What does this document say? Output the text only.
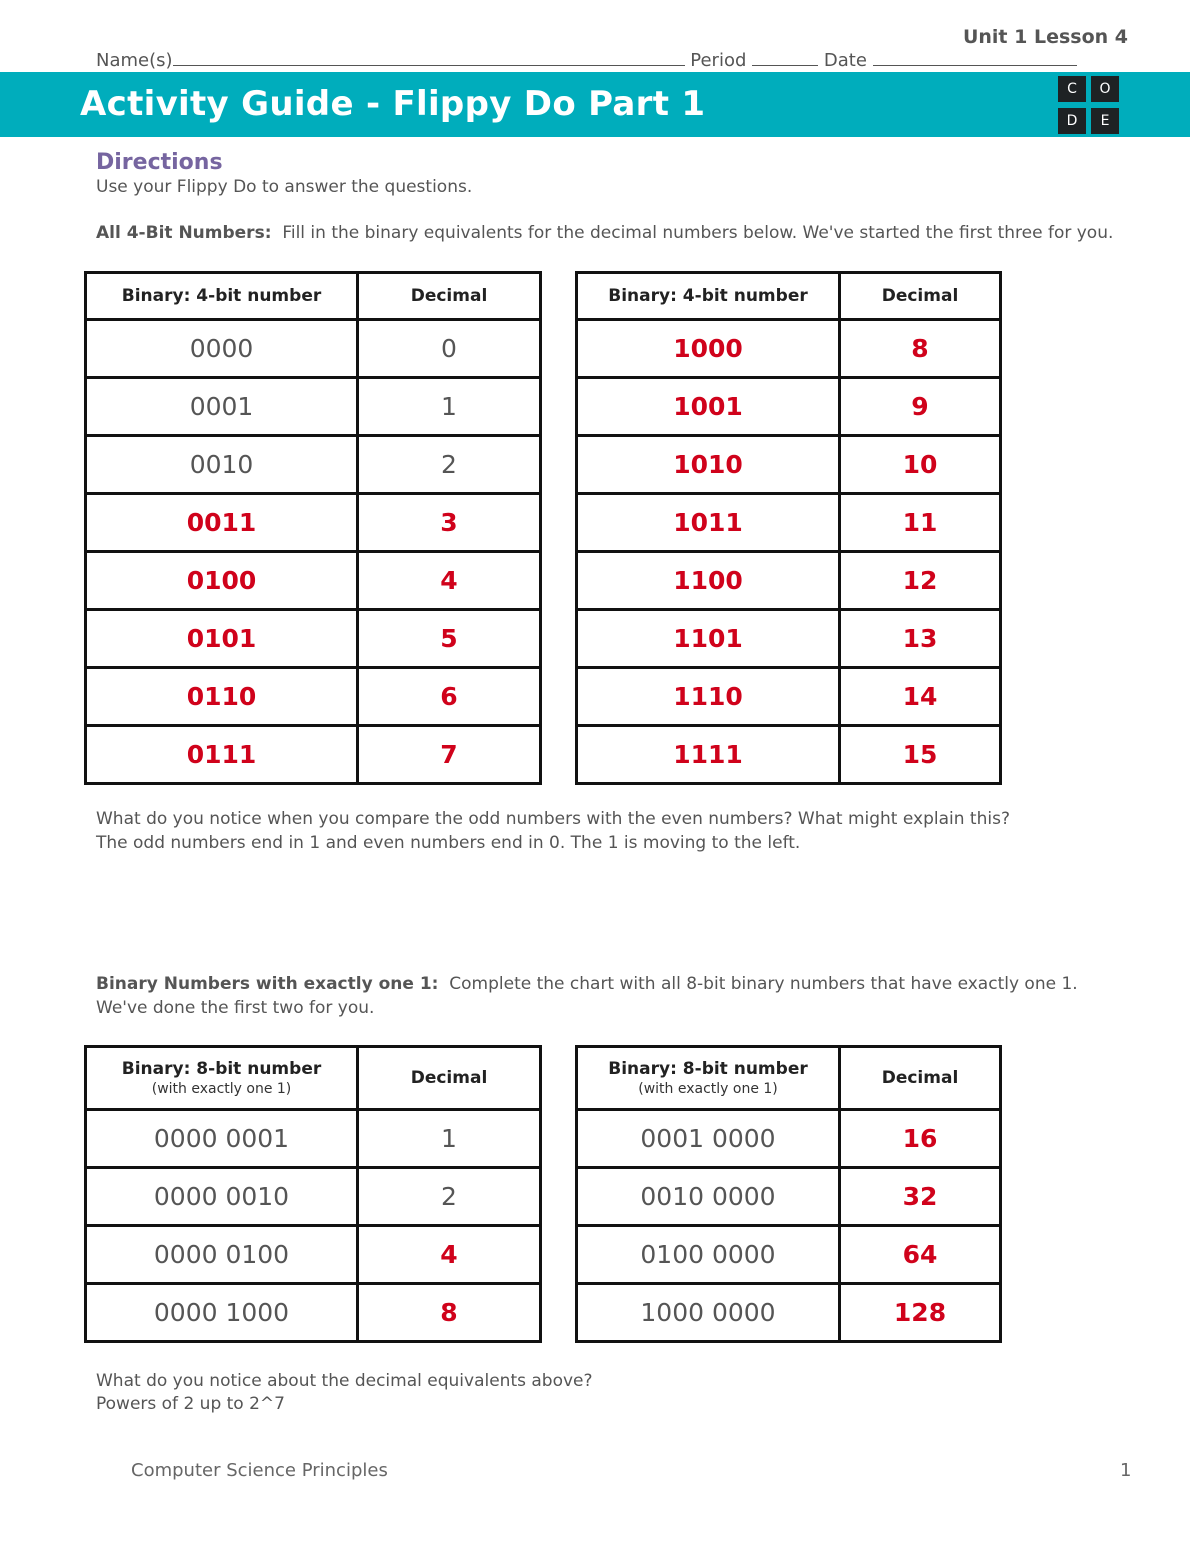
Unit 1 Lesson 4
Name(s)	Period	Date
Activity Guide - Flippy Do Part 1	C	O
D	E
Directions
Use your Flippy Do to answer the questions.
All 4-Bit Numbers: Fill in the binary equivalents for the decimal numbers below. We've started the first three for you.
Binary: 4-bit number	Decimal
0000	0
0001	1
0010	2
0011	3
0100	4
0101	5
0110	6
0111	7
Binary: 4-bit number	Decimal
1000	8
1001	9
1010	10
1011	11
1100	12
1101	13
1110	14
1111	15
What do you notice when you compare the odd numbers with the even numbers? What might explain this?
The odd numbers end in 1 and even numbers end in 0. The 1 is moving to the left.
Binary Numbers with exactly one 1: Complete the chart with all 8-bit binary numbers that have exactly one 1.
We've done the first two for you.
Binary: 8-bit number
(with exactly one 1)	Decimal
0000 0001	1
0000 0010	2
0000 0100	4
0000 1000	8
Binary: 8-bit number
(with exactly one 1)	Decimal
0001 0000	16
0010 0000	32
0100 0000	64
1000 0000	128
What do you notice about the decimal equivalents above?
Powers of 2 up to 2^7
Computer Science Principles	1
